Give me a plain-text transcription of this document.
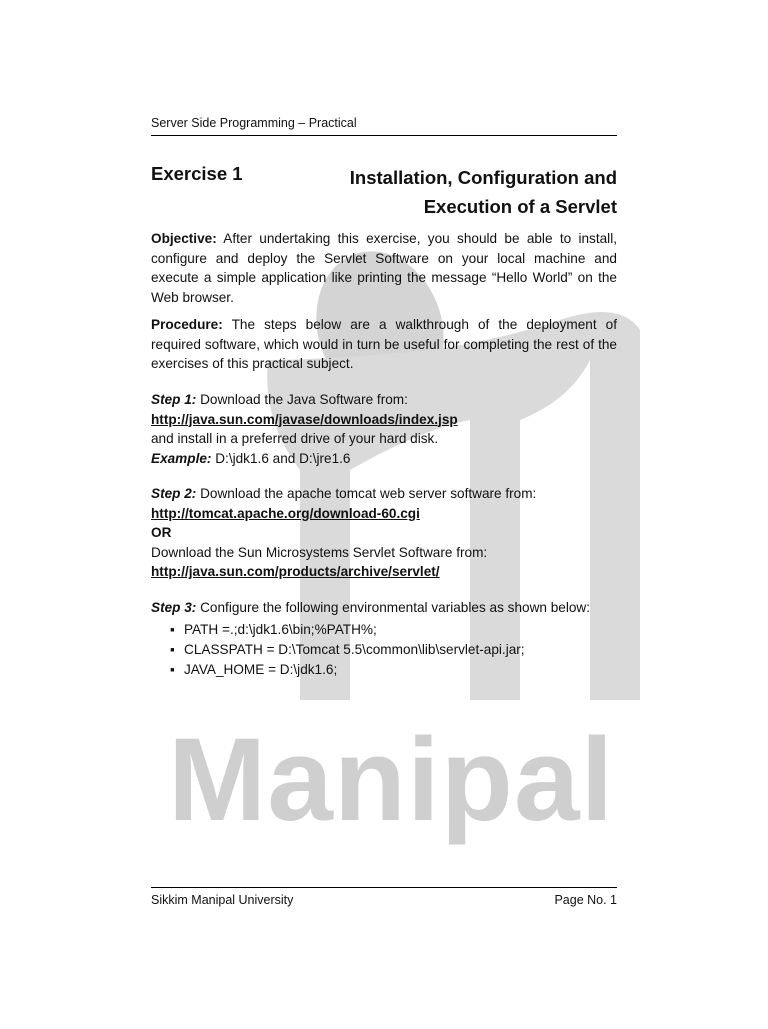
Manipal
Server Side Programming – Practical
Exercise 1	Installation, Configuration and
Execution of a Servlet
Objective: After undertaking this exercise, you should be able to install, configure and deploy the Servlet Software on your local machine and execute a simple application like printing the message “Hello World” on the Web browser.
Procedure: The steps below are a walkthrough of the deployment of required software, which would in turn be useful for completing the rest of the exercises of this practical subject.
Step 1: Download the Java Software from:
http://java.sun.com/javase/downloads/index.jsp
and install in a preferred drive of your hard disk.
Example: D:\jdk1.6 and D:\jre1.6
Step 2: Download the apache tomcat web server software from:
http://tomcat.apache.org/download-60.cgi
OR
Download the Sun Microsystems Servlet Software from:
http://java.sun.com/products/archive/servlet/
Step 3: Configure the following environmental variables as shown below:
▪ PATH =.;d:\jdk1.6\bin;%PATH%;
▪ CLASSPATH = D:\Tomcat 5.5\common\lib\servlet-api.jar;
▪ JAVA_HOME = D:\jdk1.6;
Sikkim Manipal University	Page No. 1
